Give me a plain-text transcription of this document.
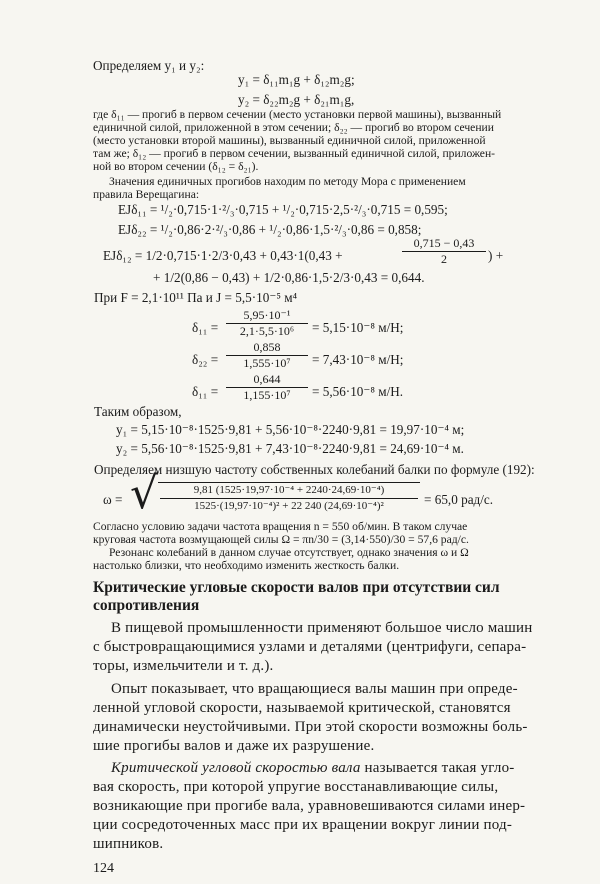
Определяем y₁ и y₂:
y₁ = δ₁₁m₁g + δ₁₂m₂g;
y₂ = δ₂₂m₂g + δ₂₁m₁g,
где δ₁₁ — прогиб в первом сечении (место установки первой машины), вызванный
единичной силой, приложенной в этом сечении; δ₂₂ — прогиб во втором сечении
(место установки второй машины), вызванный единичной силой, приложенной
там же; δ₁₂ — прогиб в первом сечении, вызванный единичной силой, приложен-
ной во втором сечении (δ₁₂ = δ₂₁).
Значения единичных прогибов находим по методу Мора с применением
правила Верещагина:
EJδ₁₁ = ¹/₂·0,715·1·²/₃·0,715 + ¹/₂·0,715·2,5·²/₃·0,715 = 0,595;
EJδ₂₂ = ¹/₂·0,86·2·²/₃·0,86 + ¹/₂·0,86·1,5·²/₃·0,86 = 0,858;
EJδ₁₂ = 1/2·0,715·1·2/3·0,43 + 0,43·1(0,43 +	$\frac{0,715 - 0,43}{2}$ ) +
+ 1/2(0,86 − 0,43) + 1/2·0,86·1,5·2/3·0,43 = 0,644.
При F = 2,1·10¹¹ Па и J = 5,5·10⁻⁵ м⁴
$\delta_{11} = \frac{\text{5,95·10⁻¹}}{\text{2,1·5,5·10⁶}} = 5,15\cdot 10^{-8}$ м/Н;
$\delta_{22} = \frac{0,858}{\text{1,555·10⁷}} = 7,43\cdot 10^{-8}$ м/Н;
$\delta_{11} = \frac{0,644}{\text{1,155·10⁷}} = 5,56\cdot 10^{-8}$ м/Н.
Таким образом,
y₁ = 5,15·10⁻⁸·1525·9,81 + 5,56·10⁻⁸·2240·9,81 = 19,97·10⁻⁴ м;
y₂ = 5,56·10⁻⁸·1525·9,81 + 7,43·10⁻⁸·2240·9,81 = 24,69·10⁻⁴ м.
Определяем низшую частоту собственных колебаний балки по формуле (192):
ω = √ $\frac{\text{9,81 (1525·19,97·10⁻⁴ + 2240·24,69·10⁻⁴)}}{\text{1525·(19,97·10⁻⁴)² + 22 240 (24,69·10⁻⁴)²}} = 65,0$ рад/с.
Согласно условию задачи частота вращения n = 550 об/мин. В таком случае
круговая частота возмущающей силы Ω = πn/30 = (3,14·550)/30 = 57,6 рад/с.
Резонанс колебаний в данном случае отсутствует, однако значения ω и Ω
настолько близки, что необходимо изменить жесткость балки.
Критические угловые скорости валов при отсутствии сил
сопротивления
В пищевой промышленности применяют большое число машин
с быстровращающимися узлами и деталями (центрифуги, сепара-
торы, измельчители и т. д.).
Опыт показывает, что вращающиеся валы машин при опреде-
ленной угловой скорости, называемой критической, становятся
динамически неустойчивыми. При этой скорости возможны боль-
шие прогибы валов и даже их разрушение.
Критической угловой скоростью вала называется такая угло-
вая скорость, при которой упругие восстанавливающие силы,
возникающие при прогибе вала, уравновешиваются силами инер-
ции сосредоточенных масс при их вращении вокруг линии под-
шипников.
124
